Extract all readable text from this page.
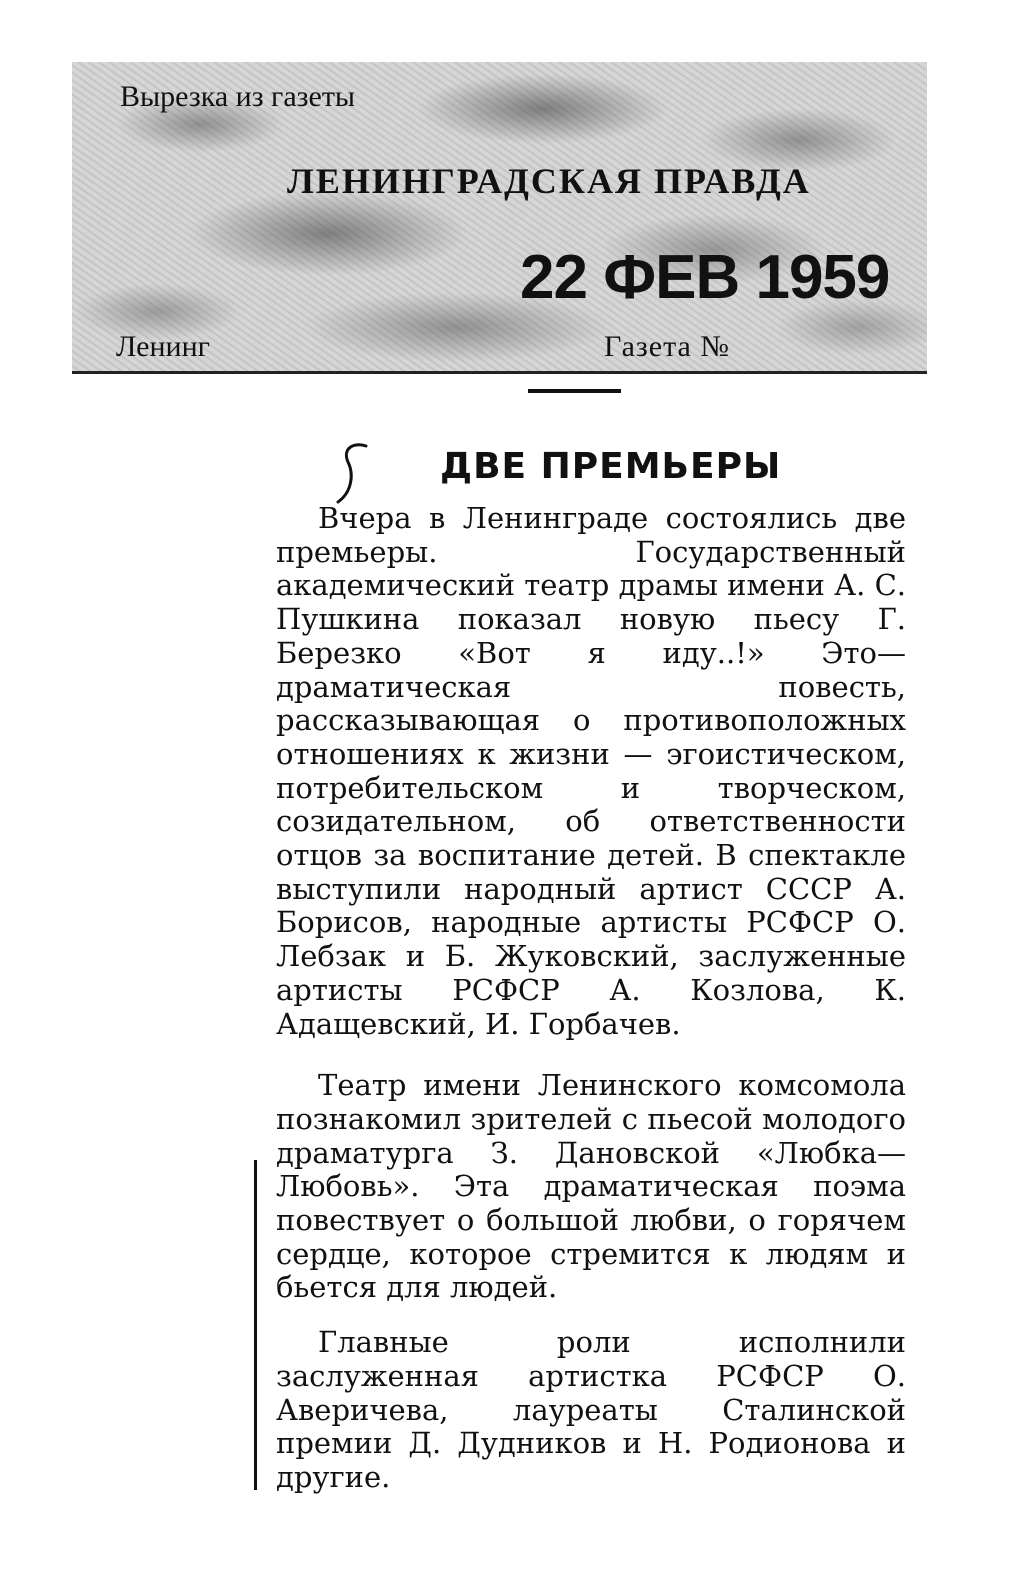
Вырезка из газеты
ЛЕНИНГРАДСКАЯ ПРАВДА
22 ФЕВ 1959
Ленинг	Газета №
ДВЕ ПРЕМЬЕРЫ

Вчера в Ленинграде состоялись две премьеры. Государственный академический театр драмы имени А. С. Пушкина показал новую пьесу Г. Березко «Вот я иду..!» Это—драматическая повесть, рассказывающая о противоположных отношениях к жизни — эгоистическом, потребительском и творческом, созидательном, об ответственности отцов за воспитание детей. В спектакле выступили народный артист СССР А. Борисов, народные артисты РСФСР О. Лебзак и Б. Жуковский, заслуженные артисты РСФСР А. Козлова, К. Адащевский, И. Горбачев.

Театр имени Ленинского комсомола познакомил зрителей с пьесой молодого драматурга З. Дановской «Любка—Любовь». Эта драматическая поэма повествует о большой любви, о горячем сердце, которое стремится к людям и бьется для людей.

Главные роли исполнили заслуженная артистка РСФСР О. Аверичева, лауреаты Сталинской премии Д. Дудников и Н. Родионова и другие.
